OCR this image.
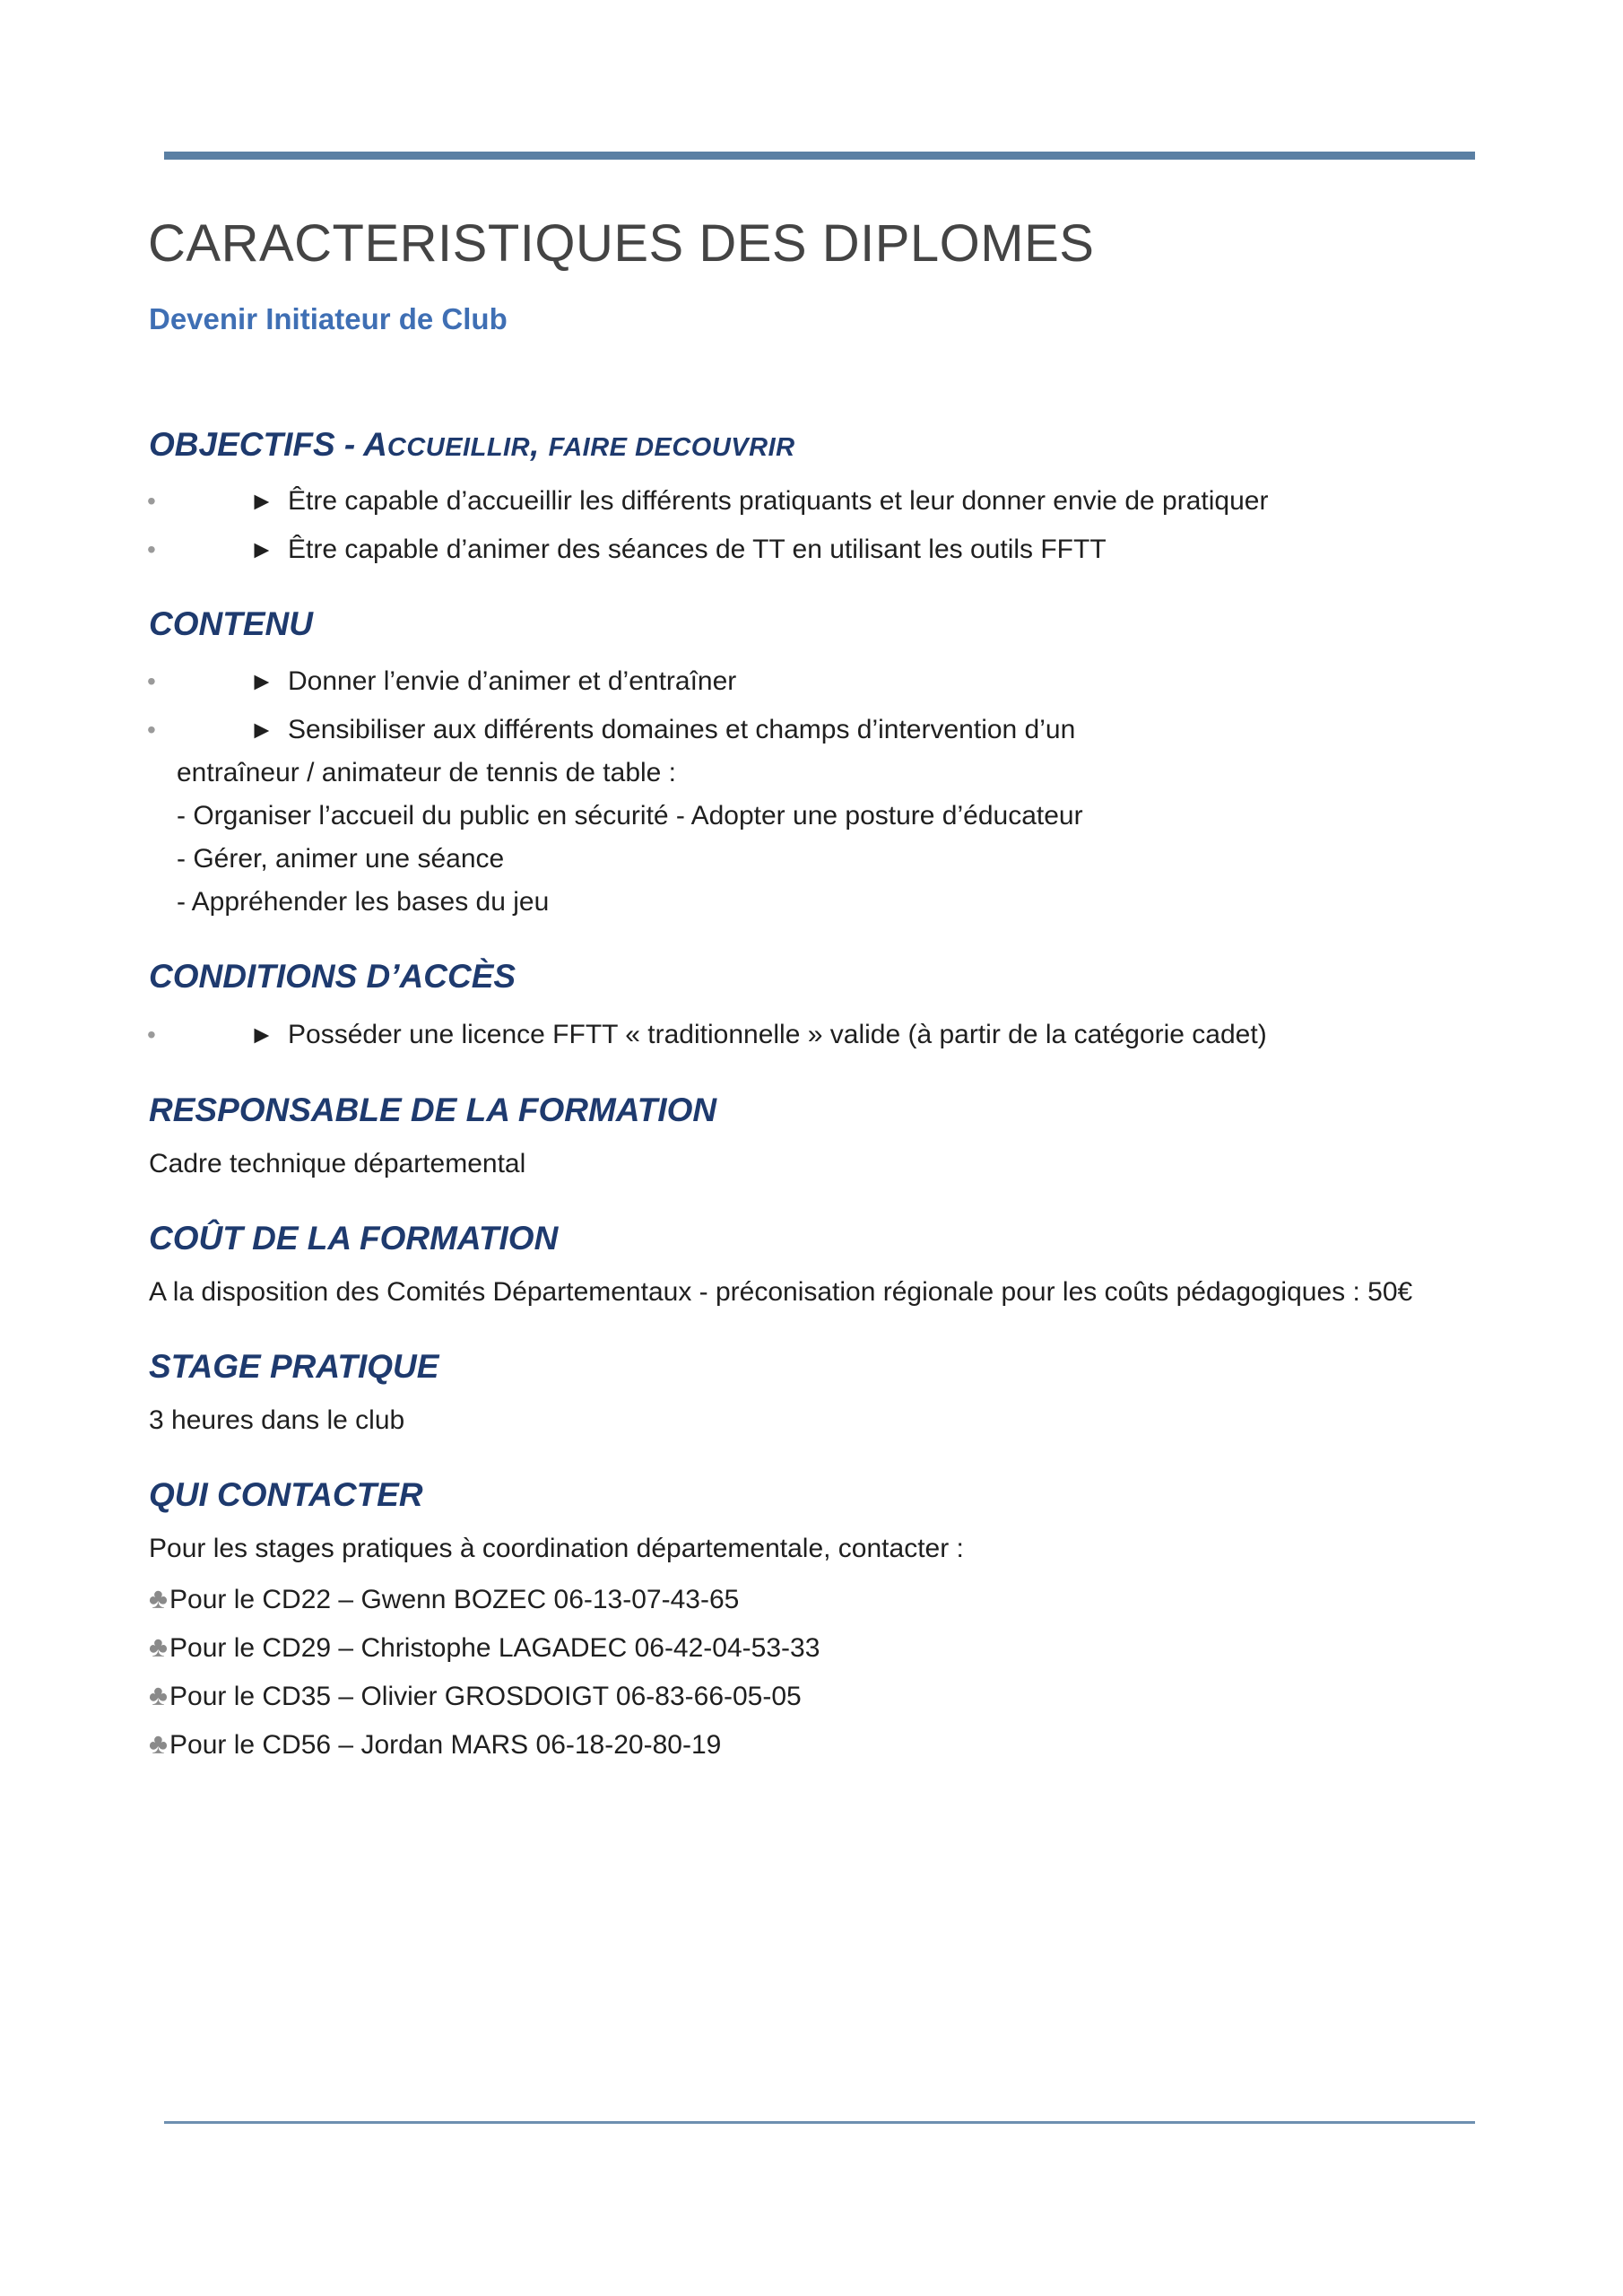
CARACTERISTIQUES DES DIPLOMES
Devenir Initiateur de Club
OBJECTIFS - ACCUEILLIR, FAIRE DECOUVRIR
•	► Être capable d’accueillir les différents pratiquants et leur donner envie de pratiquer
•	► Être capable d’animer des séances de TT en utilisant les outils FFTT
CONTENU
•	► Donner l’envie d’animer et d’entraîner
•	► Sensibiliser aux différents domaines et champs d’intervention d’un
entraîneur / animateur de tennis de table :
- Organiser l’accueil du public en sécurité - Adopter une posture d’éducateur
- Gérer, animer une séance
- Appréhender les bases du jeu
CONDITIONS D’ACCÈS
•	► Posséder une licence FFTT « traditionnelle » valide (à partir de la catégorie cadet)
RESPONSABLE DE LA FORMATION
Cadre technique départemental
COÛT DE LA FORMATION
A la disposition des Comités Départementaux - préconisation régionale pour les coûts pédagogiques : 50€
STAGE PRATIQUE
3 heures dans le club
QUI CONTACTER
Pour les stages pratiques à coordination départementale, contacter :
♣Pour le CD22 – Gwenn BOZEC 06-13-07-43-65
♣Pour le CD29 – Christophe LAGADEC 06-42-04-53-33
♣Pour le CD35 – Olivier GROSDOIGT 06-83-66-05-05
♣Pour le CD56 – Jordan MARS 06-18-20-80-19
